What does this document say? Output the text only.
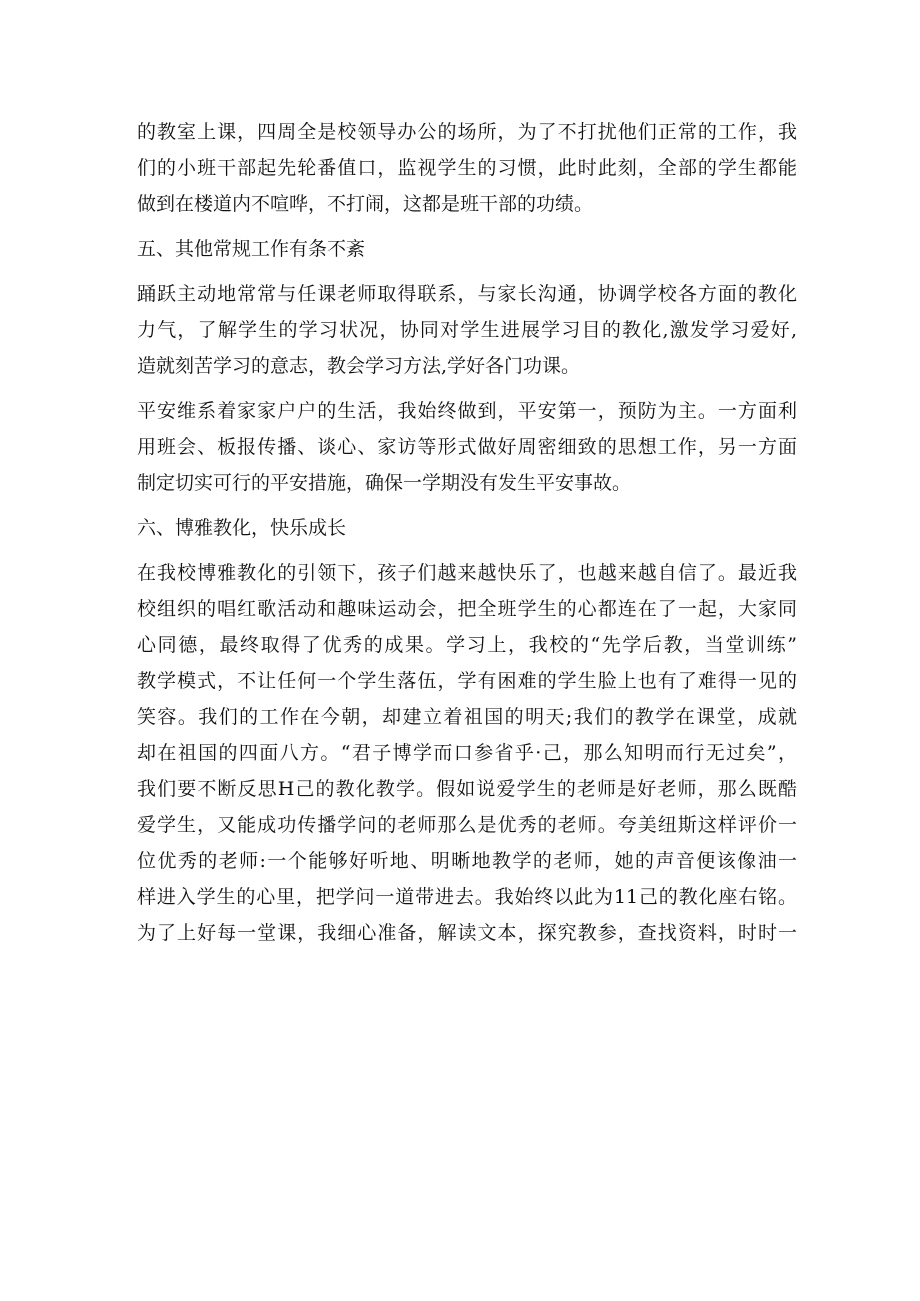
的教室上课，四周全是校领导办公的场所，为了不打扰他们正常的工作，我
们的小班干部起先轮番值口，监视学生的习惯，此时此刻，全部的学生都能
做到在楼道内不喧哗，不打闹，这都是班干部的功绩。
五、其他常规工作有条不紊
踊跃主动地常常与任课老师取得联系，与家长沟通，协调学校各方面的教化
力气，了解学生的学习状况，协同对学生进展学习目的教化,激发学习爱好,
造就刻苦学习的意志，教会学习方法,学好各门功课。
平安维系着家家户户的生活，我始终做到，平安第一，预防为主。一方面利
用班会、板报传播、谈心、家访等形式做好周密细致的思想工作，另一方面
制定切实可行的平安措施，确保一学期没有发生平安事故。
六、博雅教化，快乐成长
在我校博雅教化的引领下，孩子们越来越快乐了，也越来越自信了。最近我
校组织的唱红歌活动和趣味运动会，把全班学生的心都连在了一起，大家同
心同德，最终取得了优秀的成果。学习上，我校的“先学后教，当堂训练”
教学模式，不让任何一个学生落伍，学有困难的学生脸上也有了难得一见的
笑容。我们的工作在今朝，却建立着祖国的明天;我们的教学在课堂，成就
却在祖国的四面八方。“君子博学而口参省乎·己，那么知明而行无过矣”，
我们要不断反思H己的教化教学。假如说爱学生的老师是好老师，那么既酷
爱学生，又能成功传播学问的老师那么是优秀的老师。夸美纽斯这样评价一
位优秀的老师:一个能够好听地、明晰地教学的老师，她的声音便该像油一
样进入学生的心里，把学问一道带进去。我始终以此为11己的教化座右铭。
为了上好每一堂课，我细心准备，解读文本，探究教参，查找资料，时时一
